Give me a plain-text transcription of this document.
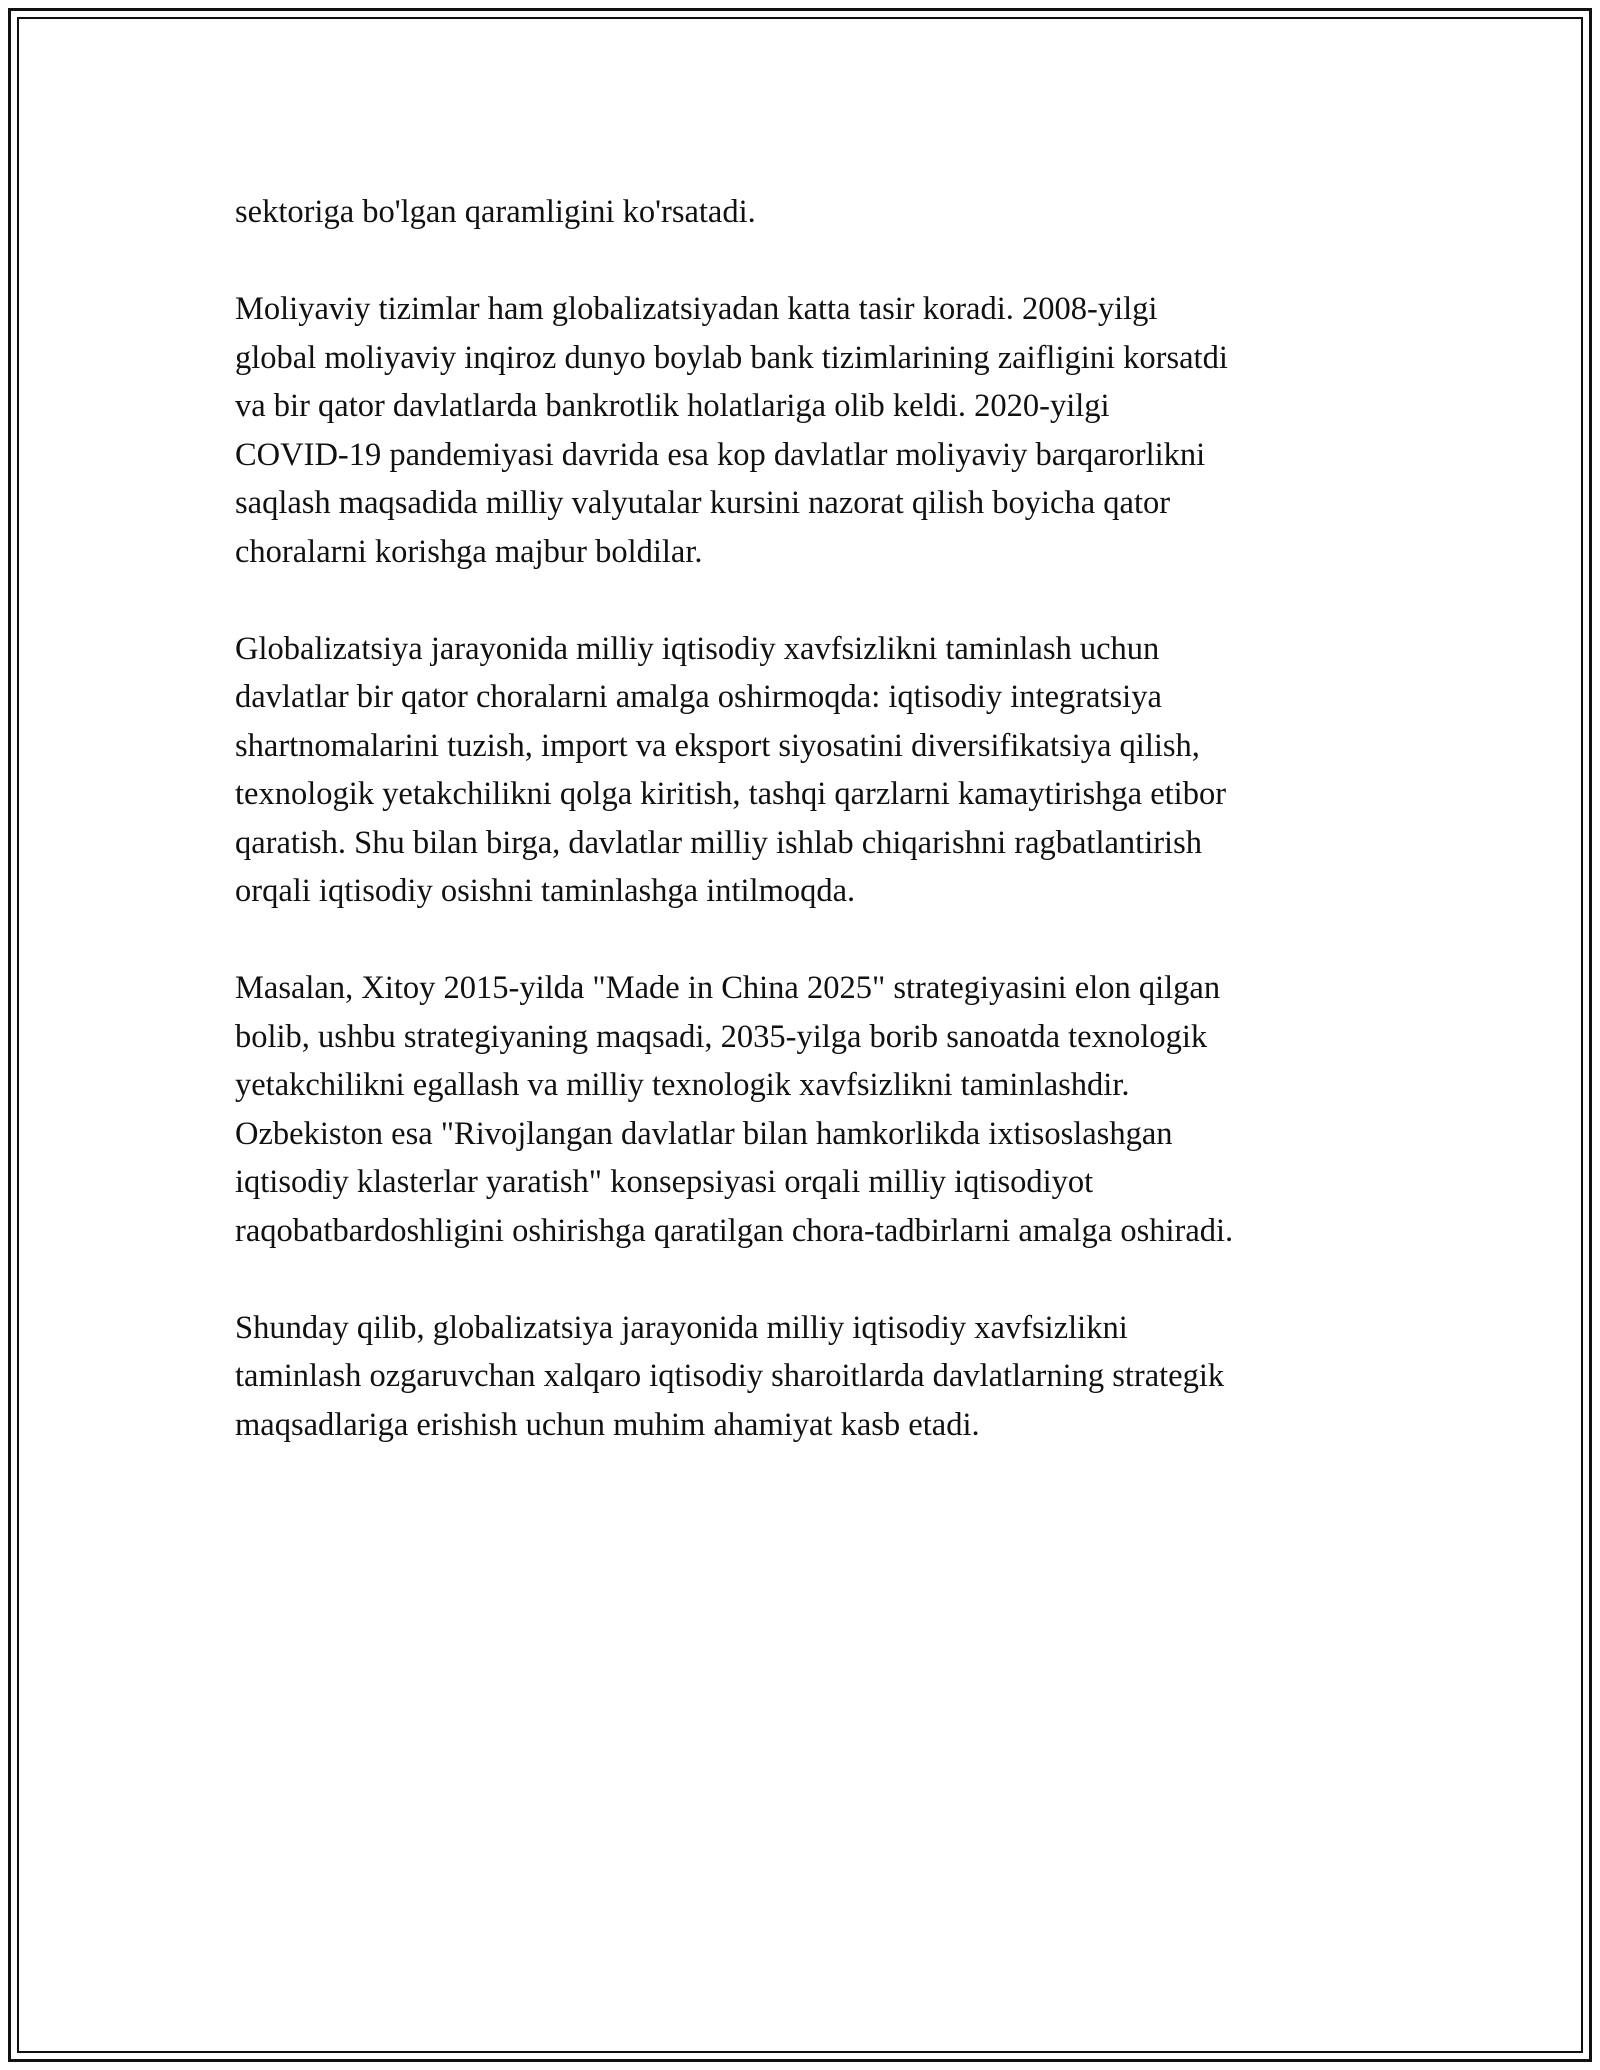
sektoriga bo'lgan qaramligini ko'rsatadi.

Moliyaviy tizimlar ham globalizatsiyadan katta tasir koradi. 2008-yilgi
global moliyaviy inqiroz dunyo boylab bank tizimlarining zaifligini korsatdi
va bir qator davlatlarda bankrotlik holatlariga olib keldi. 2020-yilgi
COVID-19 pandemiyasi davrida esa kop davlatlar moliyaviy barqarorlikni
saqlash maqsadida milliy valyutalar kursini nazorat qilish boyicha qator
choralarni korishga majbur boldilar.

Globalizatsiya jarayonida milliy iqtisodiy xavfsizlikni taminlash uchun
davlatlar bir qator choralarni amalga oshirmoqda: iqtisodiy integratsiya
shartnomalarini tuzish, import va eksport siyosatini diversifikatsiya qilish,
texnologik yetakchilikni qolga kiritish, tashqi qarzlarni kamaytirishga etibor
qaratish. Shu bilan birga, davlatlar milliy ishlab chiqarishni ragbatlantirish
orqali iqtisodiy osishni taminlashga intilmoqda.

Masalan, Xitoy 2015-yilda "Made in China 2025" strategiyasini elon qilgan
bolib, ushbu strategiyaning maqsadi, 2035-yilga borib sanoatda texnologik
yetakchilikni egallash va milliy texnologik xavfsizlikni taminlashdir.
Ozbekiston esa "Rivojlangan davlatlar bilan hamkorlikda ixtisoslashgan
iqtisodiy klasterlar yaratish" konsepsiyasi orqali milliy iqtisodiyot
raqobatbardoshligini oshirishga qaratilgan chora-tadbirlarni amalga oshiradi.

Shunday qilib, globalizatsiya jarayonida milliy iqtisodiy xavfsizlikni
taminlash ozgaruvchan xalqaro iqtisodiy sharoitlarda davlatlarning strategik
maqsadlariga erishish uchun muhim ahamiyat kasb etadi.
